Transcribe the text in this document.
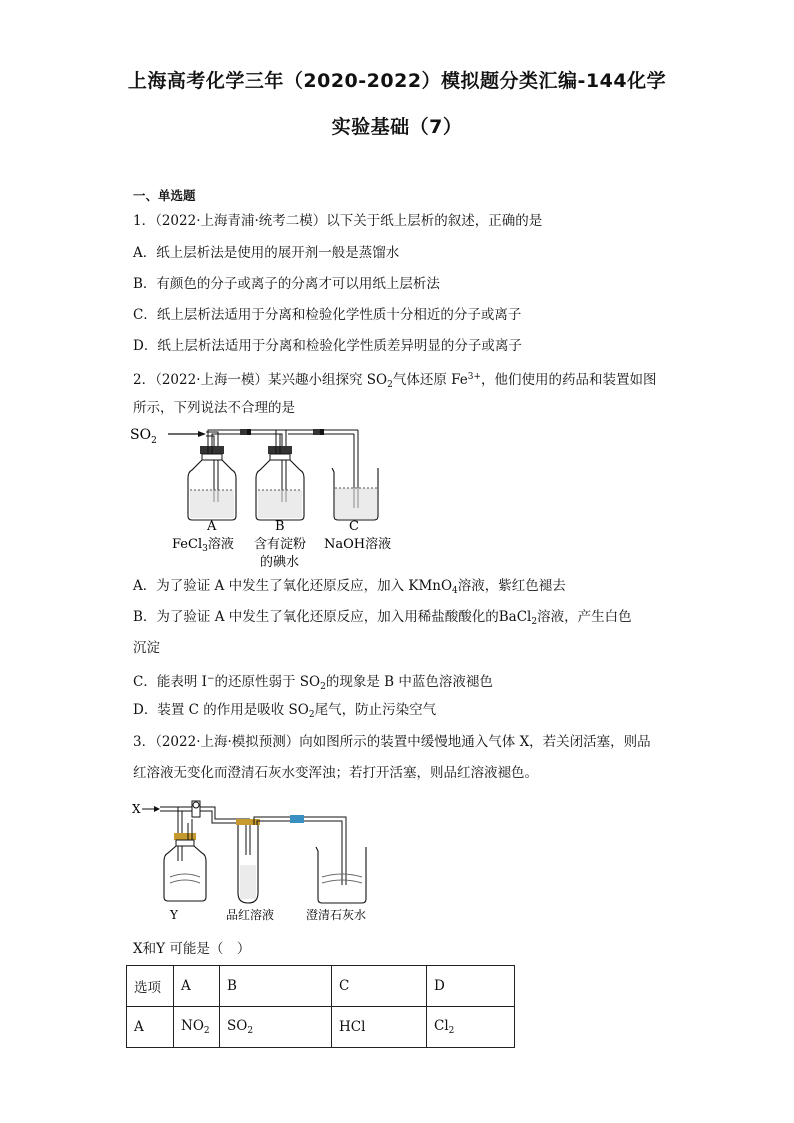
上海高考化学三年（2020-2022）模拟题分类汇编-144化学
实验基础（7）
一、单选题
1．（2022·上海青浦·统考二模）以下关于纸上层析的叙述，正确的是
A．纸上层析法是使用的展开剂一般是蒸馏水
B．有颜色的分子或离子的分离才可以用纸上层析法
C．纸上层析法适用于分离和检验化学性质十分相近的分子或离子
D．纸上层析法适用于分离和检验化学性质差异明显的分子或离子
2．（2022·上海一模）某兴趣小组探究 $SO_2$气体还原 $Fe^{3+}$，他们使用的药品和装置如图
所示，下列说法不合理的是
$SO_2$
A
FeCl$_3$溶液
B
含有淀粉
的碘水
C
NaOH溶液
A．为了验证 A 中发生了氧化还原反应，加入 KMnO$_4$溶液，紫红色褪去
B．为了验证 A 中发生了氧化还原反应，加入用稀盐酸酸化的BaCl$_2$溶液，产生白色
沉淀
C．能表明 I−的还原性弱于 $SO_2$的现象是 B 中蓝色溶液褪色
D．装置 C 的作用是吸收 $SO_2$尾气，防止污染空气
3．（2022·上海·模拟预测）向如图所示的装置中缓慢地通入气体 X，若关闭活塞，则品
红溶液无变化而澄清石灰水变浑浊；若打开活塞，则品红溶液褪色。
X
Y	品红溶液	澄清石灰水
X和Y 可能是（　）
选项	A	B	C	D
A	$NO_2$	$SO_2$	HCl	$Cl_2$
